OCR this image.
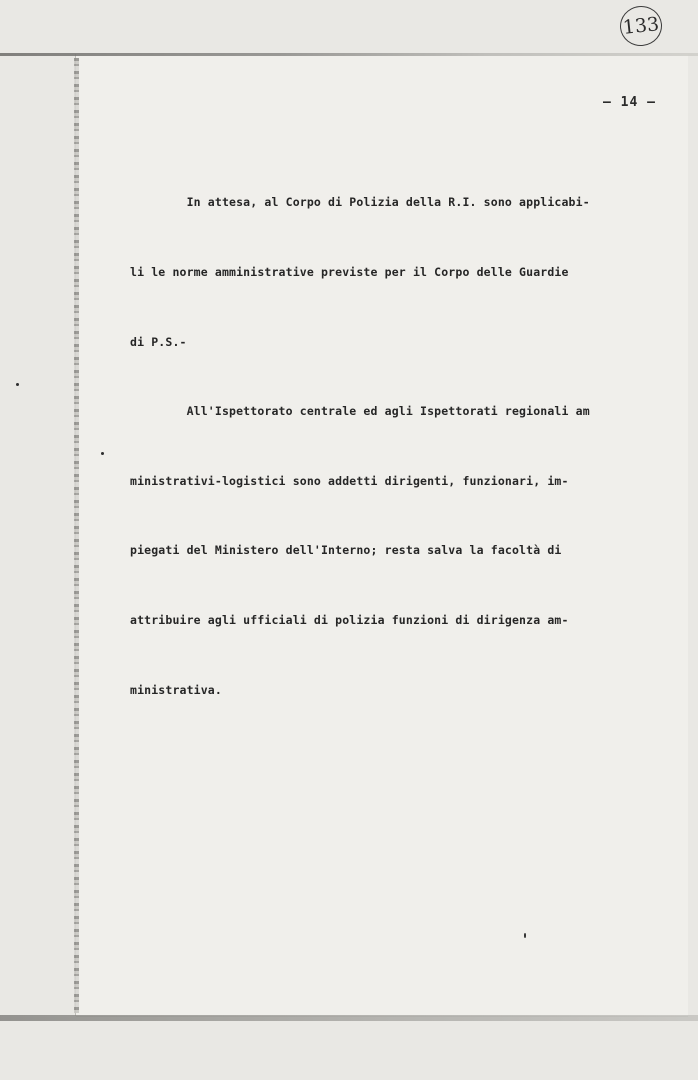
133
– 14 –

In attesa, al Corpo di Polizia della R.I. sono applicabi-

li le norme amministrative previste per il Corpo delle Guardie

di P.S.-

All'Ispettorato centrale ed agli Ispettorati regionali am

ministrativi-logistici sono addetti dirigenti, funzionari, im-

piegati del Ministero dell'Interno; resta salva la facoltà di

attribuire agli ufficiali di polizia funzioni di dirigenza am-

ministrativa.
